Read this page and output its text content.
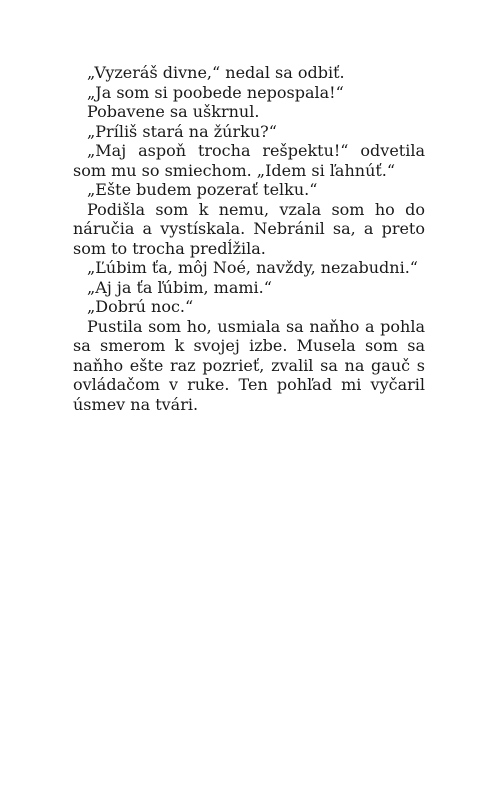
„Vyzeráš divne,“ nedal sa odbiť.

„Ja som si poobede nepospala!“

Pobavene sa uškrnul.

„Príliš stará na žúrku?“

„Maj aspoň trocha rešpektu!“ odvetila som mu so smiechom. „Idem si ľahnúť.“

„Ešte budem pozerať telku.“

Podišla som k nemu, vzala som ho do náručia a vystískala. Nebránil sa, a preto som to trocha predĺžila.

„Ľúbim ťa, môj Noé, navždy, nezabudni.“

„Aj ja ťa ľúbim, mami.“

„Dobrú noc.“

Pustila som ho, usmiala sa naňho a pohla sa smerom k svojej izbe. Musela som sa naňho ešte raz pozrieť, zvalil sa na gauč s ovládačom v ruke. Ten pohľad mi vyčaril úsmev na tvári.
